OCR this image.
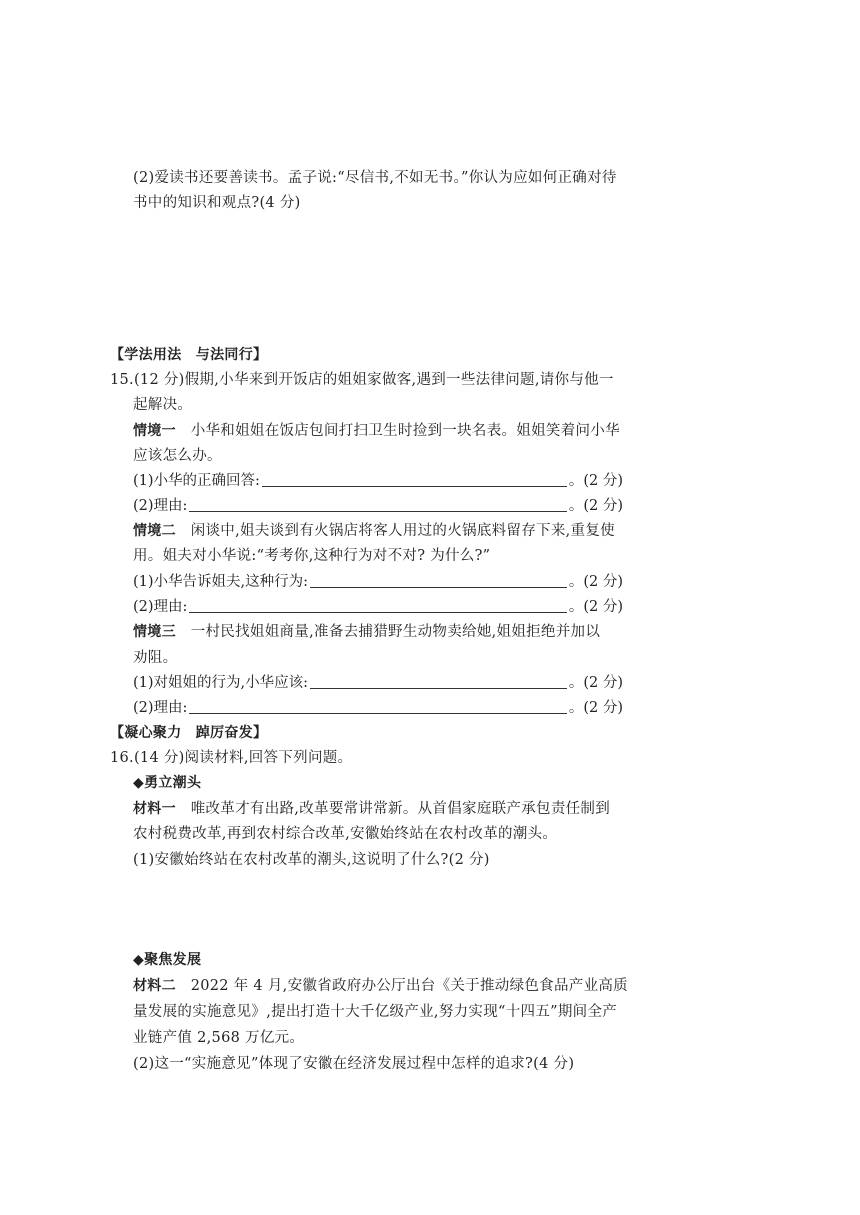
(2)爱读书还要善读书。孟子说:“尽信书,不如无书。”你认为应如何正确对待
书中的知识和观点?(4 分)
【学法用法　与法同行】
15.(12 分)假期,小华来到开饭店的姐姐家做客,遇到一些法律问题,请你与他一
起解决。
情境一　小华和姐姐在饭店包间打扫卫生时捡到一块名表。姐姐笑着问小华
应该怎么办。
(1)小华的正确回答:	。(2 分)
(2)理由:	。(2 分)
情境二　闲谈中,姐夫谈到有火锅店将客人用过的火锅底料留存下来,重复使
用。姐夫对小华说:“考考你,这种行为对不对? 为什么?”
(1)小华告诉姐夫,这种行为:	。(2 分)
(2)理由:	。(2 分)
情境三　一村民找姐姐商量,准备去捕猎野生动物卖给她,姐姐拒绝并加以
劝阻。
(1)对姐姐的行为,小华应该:	。(2 分)
(2)理由:	。(2 分)
【凝心聚力　踔厉奋发】
16.(14 分)阅读材料,回答下列问题。
◆勇立潮头
材料一　唯改革才有出路,改革要常讲常新。从首倡家庭联产承包责任制到
农村税费改革,再到农村综合改革,安徽始终站在农村改革的潮头。
(1)安徽始终站在农村改革的潮头,这说明了什么?(2 分)
◆聚焦发展
材料二　2022 年 4 月,安徽省政府办公厅出台《关于推动绿色食品产业高质
量发展的实施意见》,提出打造十大千亿级产业,努力实现“十四五”期间全产
业链产值 2,568 万亿元。
(2)这一“实施意见”体现了安徽在经济发展过程中怎样的追求?(4 分)
